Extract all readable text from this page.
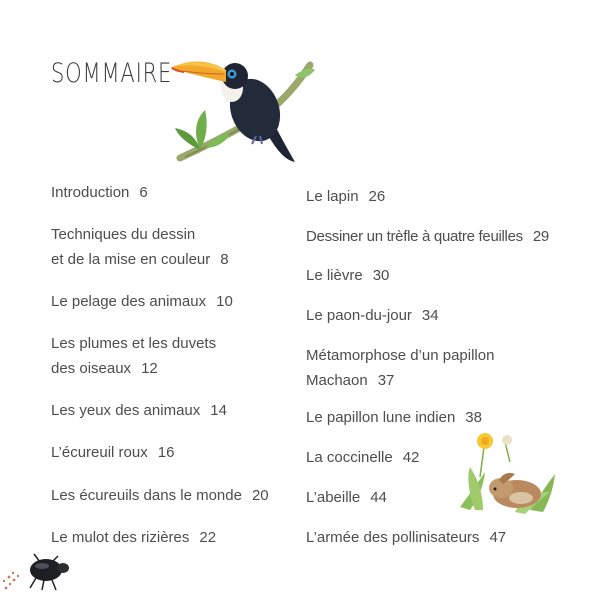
SOMMAIRE
Introduction 6
Techniques du dessin
et de la mise en couleur 8
Le pelage des animaux 10
Les plumes et les duvets
des oiseaux 12
Les yeux des animaux 14
L’écureuil roux 16
Les écureuils dans le monde 20
Le mulot des rizières 22
Le lapin 26
Dessiner un trèfle à quatre feuilles 29
Le lièvre 30
Le paon-du-jour 34
Métamorphose d’un papillon
Machaon 37
Le papillon lune indien 38
La coccinelle 42
L’abeille 44
L’armée des pollinisateurs 47
